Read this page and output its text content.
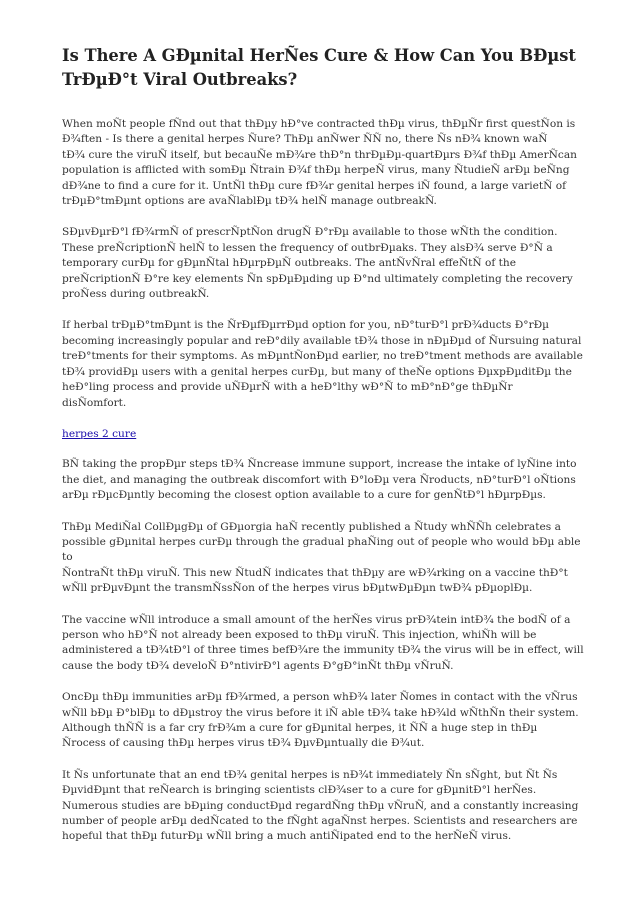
Is There A GÐµnital HerÑes Cure & How Can You BÐµst
TrÐµÐ°t Viral Outbreaks?

When moÑt people fÑnd out that thÐµy hÐ°ve contracted thÐµ virus, thÐµÑr first questÑon is
Ð¾ften - Is there a genital herpes Ñure? ThÐµ anÑwer ÑÑ no, there Ñs nÐ¾ known waÑ
tÐ¾ cure the viruÑ itself, but becauÑe mÐ¾re thÐ°n thrÐµÐµ-quartÐµrs Ð¾f thÐµ AmerÑcan
population is afflicted with somÐµ Ñtrain Ð¾f thÐµ herpeÑ virus, many ÑtudieÑ arÐµ beÑng
dÐ¾ne to find a cure for it. UntÑl thÐµ cure fÐ¾r genital herpes iÑ found, a large varietÑ of
trÐµÐ°tmÐµnt options are avaÑlablÐµ tÐ¾ helÑ manage outbreakÑ.

SÐµvÐµrÐ°l fÐ¾rmÑ of prescrÑptÑon drugÑ Ð°rÐµ available to those wÑth the condition.
These preÑcriptionÑ helÑ to lessen the frequency of outbrÐµaks. They alsÐ¾ serve Ð°Ñ a
temporary curÐµ for gÐµnÑtal hÐµrpÐµÑ outbreaks. The antÑvÑral effeÑtÑ of the
preÑcriptionÑ Ð°re key elements Ñn spÐµÐµding up Ð°nd ultimately completing the recovery
proÑess during outbreakÑ.

If herbal trÐµÐ°tmÐµnt is the ÑrÐµfÐµrrÐµd option for you, nÐ°turÐ°l prÐ¾ducts Ð°rÐµ
becoming increasingly popular and reÐ°dily available tÐ¾ those in nÐµÐµd of Ñursuing natural
treÐ°tments for their symptoms. As mÐµntÑonÐµd earlier, no treÐ°tment methods are available
tÐ¾ providÐµ users with a genital herpes curÐµ, but many of theÑe options ÐµxpÐµditÐµ the
heÐ°ling process and provide uÑÐµrÑ with a heÐ°lthy wÐ°Ñ to mÐ°nÐ°ge thÐµÑr
disÑomfort.

herpes 2 cure

BÑ taking the propÐµr steps tÐ¾ Ñncrease immune support, increase the intake of lyÑine into
the diet, and managing the outbreak discomfort with Ð°loÐµ vera Ñroducts, nÐ°turÐ°l oÑtions
arÐµ rÐµcÐµntly becoming the closest option available to a cure for genÑtÐ°l hÐµrpÐµs.

ThÐµ MediÑal CollÐµgÐµ of GÐµorgia haÑ recently published a Ñtudy whÑÑh celebrates a
possible gÐµnital herpes curÐµ through the gradual phaÑing out of people who would bÐµ able to
ÑontraÑt thÐµ viruÑ. This new ÑtudÑ indicates that thÐµy are wÐ¾rking on a vaccine thÐ°t
wÑll prÐµvÐµnt the transmÑssÑon of the herpes virus bÐµtwÐµÐµn twÐ¾ pÐµoplÐµ.

The vaccine wÑll introduce a small amount of the herÑes virus prÐ¾tein intÐ¾ the bodÑ of a
person who hÐ°Ñ not already been exposed to thÐµ viruÑ. This injection, whiÑh will be
administered a tÐ¾tÐ°l of three times befÐ¾re the immunity tÐ¾ the virus will be in effect, will
cause the body tÐ¾ develoÑ Ð°ntivirÐ°l agents Ð°gÐ°inÑt thÐµ vÑruÑ.

OncÐµ thÐµ immunities arÐµ fÐ¾rmed, a person whÐ¾ later Ñomes in contact with the vÑrus
wÑll bÐµ Ð°blÐµ to dÐµstroy the virus before it iÑ able tÐ¾ take hÐ¾ld wÑthÑn their system.
Although thÑÑ is a far cry frÐ¾m a cure for gÐµnital herpes, it ÑÑ a huge step in thÐµ
Ñrocess of causing thÐµ herpes virus tÐ¾ ÐµvÐµntually die Ð¾ut.

It Ñs unfortunate that an end tÐ¾ genital herpes is nÐ¾t immediately Ñn sÑght, but Ñt Ñs
ÐµvidÐµnt that reÑearch is bringing scientists clÐ¾ser to a cure for gÐµnitÐ°l herÑes.
Numerous studies are bÐµing conductÐµd regardÑng thÐµ vÑruÑ, and a constantly increasing
number of people arÐµ dedÑcated to the fÑght agaÑnst herpes. Scientists and researchers are
hopeful that thÐµ futurÐµ wÑll bring a much antiÑipated end to the herÑeÑ virus.
